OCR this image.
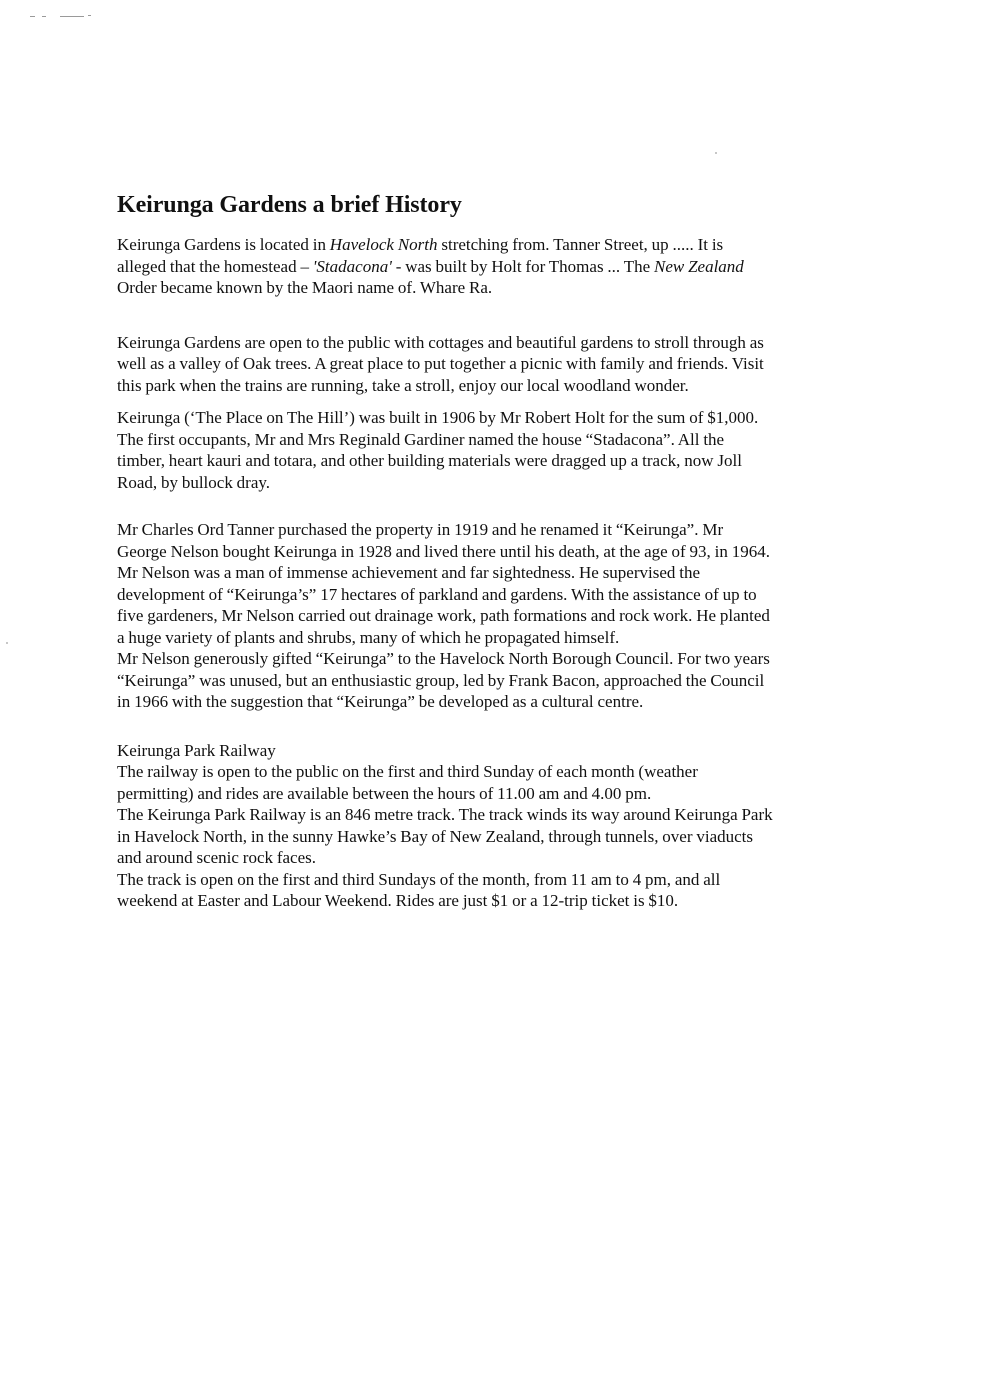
Keirunga Gardens a brief History

Keirunga Gardens is located in Havelock North stretching from. Tanner Street, up ..... It is
alleged that the homestead – 'Stadacona' - was built by Holt for Thomas ... The New Zealand
Order became known by the Maori name of. Whare Ra.

Keirunga Gardens are open to the public with cottages and beautiful gardens to stroll through as
well as a valley of Oak trees. A great place to put together a picnic with family and friends. Visit
this park when the trains are running, take a stroll, enjoy our local woodland wonder.

Keirunga (‘The Place on The Hill’) was built in 1906 by Mr Robert Holt for the sum of $1,000.
The first occupants, Mr and Mrs Reginald Gardiner named the house “Stadacona”. All the
timber, heart kauri and totara, and other building materials were dragged up a track, now Joll
Road, by bullock dray.

Mr Charles Ord Tanner purchased the property in 1919 and he renamed it “Keirunga”. Mr
George Nelson bought Keirunga in 1928 and lived there until his death, at the age of 93, in 1964.
Mr Nelson was a man of immense achievement and far sightedness. He supervised the
development of “Keirunga’s” 17 hectares of parkland and gardens. With the assistance of up to
five gardeners, Mr Nelson carried out drainage work, path formations and rock work. He planted
a huge variety of plants and shrubs, many of which he propagated himself.
Mr Nelson generously gifted “Keirunga” to the Havelock North Borough Council. For two years
“Keirunga” was unused, but an enthusiastic group, led by Frank Bacon, approached the Council
in 1966 with the suggestion that “Keirunga” be developed as a cultural centre.

Keirunga Park Railway
The railway is open to the public on the first and third Sunday of each month (weather
permitting) and rides are available between the hours of 11.00 am and 4.00 pm.
The Keirunga Park Railway is an 846 metre track. The track winds its way around Keirunga Park
in Havelock North, in the sunny Hawke’s Bay of New Zealand, through tunnels, over viaducts
and around scenic rock faces.
The track is open on the first and third Sundays of the month, from 11 am to 4 pm, and all
weekend at Easter and Labour Weekend. Rides are just $1 or a 12-trip ticket is $10.
